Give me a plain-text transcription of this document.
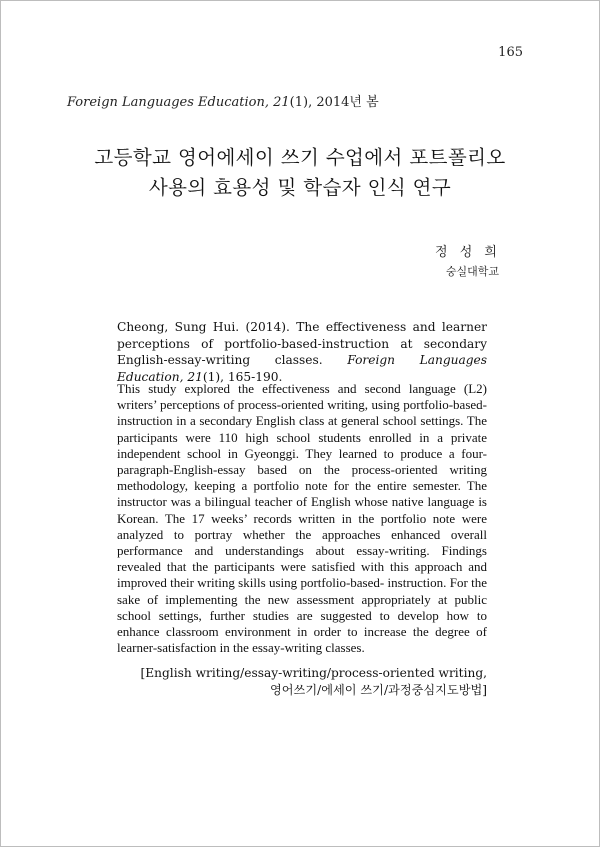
165
Foreign Languages Education, 21(1), 2014년 봄
고등학교 영어에세이 쓰기 수업에서 포트폴리오
사용의 효용성 및 학습자 인식 연구
정 성 희
숭실대학교
Cheong, Sung Hui. (2014). The effectiveness and learner perceptions of portfolio-based-instruction at secondary English-essay-writing classes. Foreign Languages Education, 21(1), 165-190.
This study explored the effectiveness and second language (L2) writers’ perceptions of process-oriented writing, using portfolio‑based-instruction in a secondary English class at general school settings. The participants were 110 high school students enrolled in a private independent school in Gyeonggi. They learned to produce a four-paragraph-English-essay based on the process-oriented writing methodology, keeping a portfolio note for the entire semester. The instructor was a bilingual teacher of English whose native language is Korean. The 17 weeks’ records written in the portfolio note were analyzed to portray whether the approaches enhanced overall performance and understandings about essay-writing. Findings revealed that the participants were satisfied with this approach and improved their writing skills using portfolio‑based- instruction. For the sake of implementing the new assessment appropriately at public school settings, further studies are suggested to develop how to enhance classroom environment in order to increase the degree of learner-satisfaction in the essay-writing classes.
[English writing/essay-writing/process-oriented writing,
영어쓰기/에세이 쓰기/과정중심지도방법]
